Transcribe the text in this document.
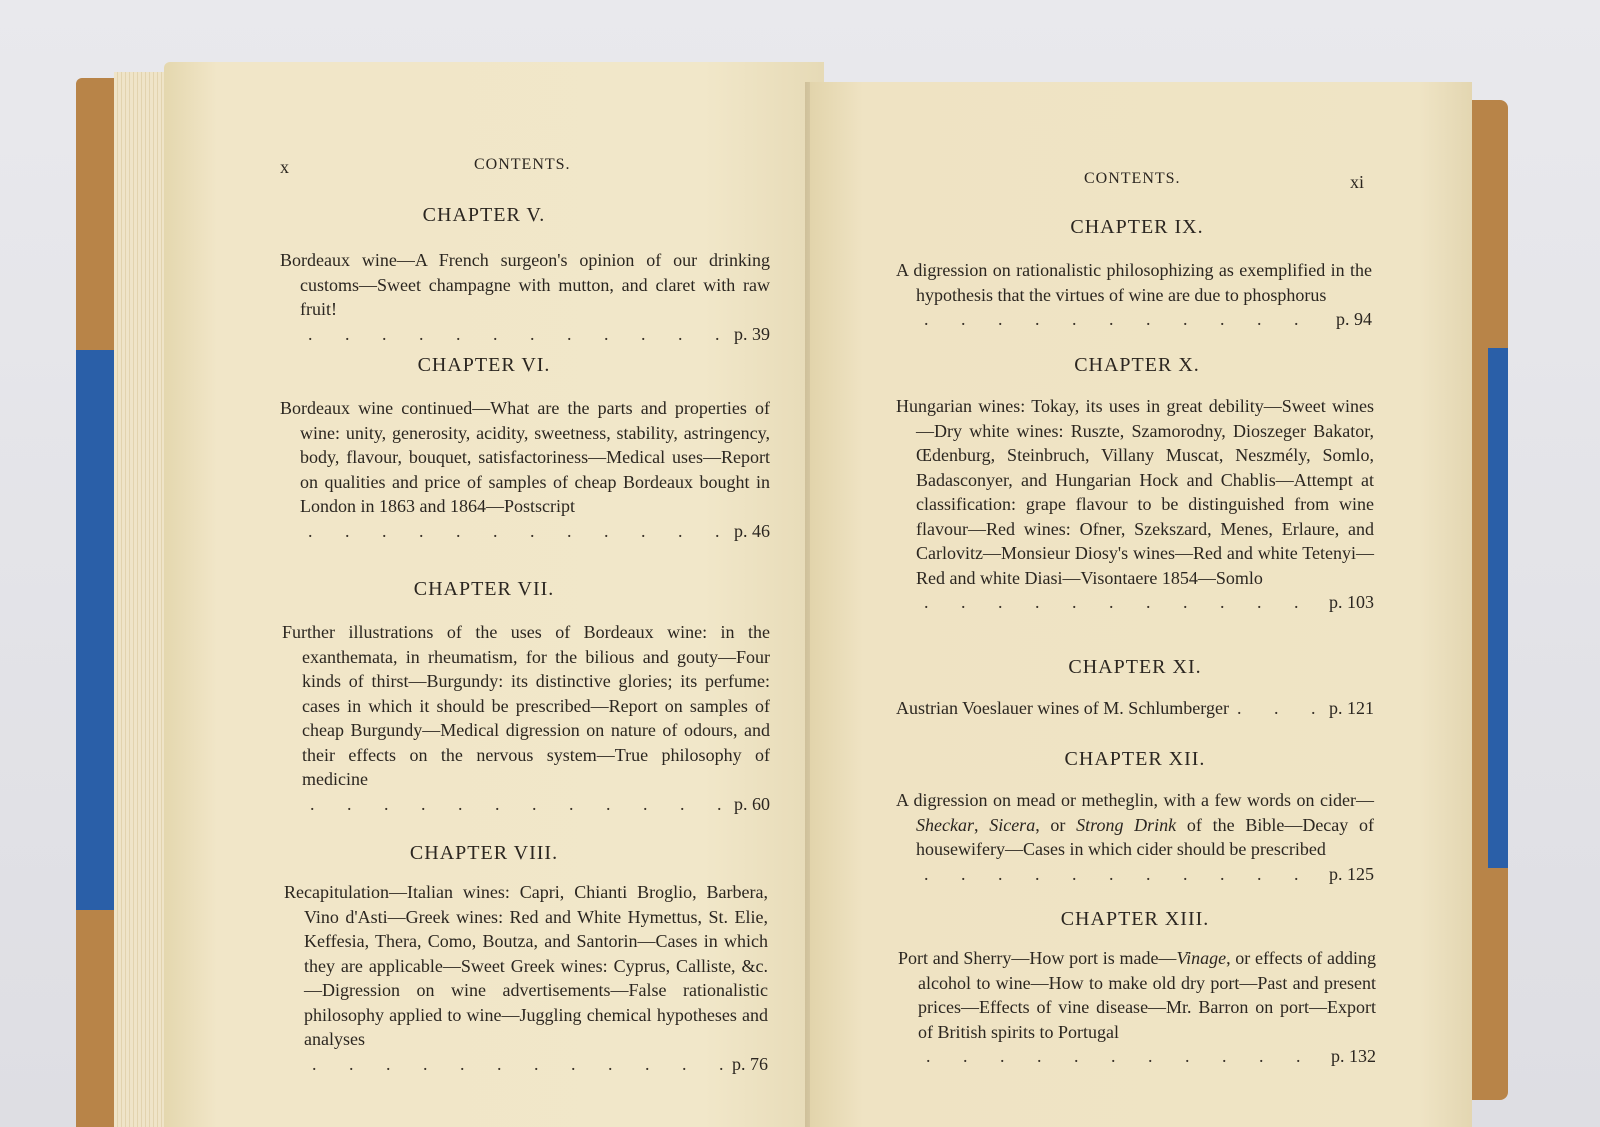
x	CONTENTS.
CHAPTER V.

Bordeaux wine—A French surgeon's opinion of our drinking customs—Sweet champagne with mutton, and claret with raw fruit!

. . .
p. 39
CHAPTER VI.

Bordeaux wine continued—What are the parts and properties of wine: unity, generosity, acidity, sweetness, stability, astringency, body, flavour, bouquet, satisfactoriness—Medical uses—Report on qualities and price of samples of cheap Bordeaux bought in London in 1863 and 1864—Postscript

. . .
p. 46
CHAPTER VII.

Further illustrations of the uses of Bordeaux wine: in the exanthemata, in rheumatism, for the bilious and gouty—Four kinds of thirst—Burgundy: its distinctive glories; its perfume: cases in which it should be prescribed—Report on samples of cheap Burgundy—Medical digression on nature of odours, and their effects on the nervous system—True philosophy of medicine

. . .
p. 60
CHAPTER VIII.

Recapitulation—Italian wines: Capri, Chianti Broglio, Barbera, Vino d'Asti—Greek wines: Red and White Hymettus, St. Elie, Keffesia, Thera, Como, Boutza, and Santorin—Cases in which they are applicable—Sweet Greek wines: Cyprus, Calliste, &c.—Digression on wine advertisements—False rationalistic philosophy applied to wine—Juggling chemical hypotheses and analyses

. . .
p. 76
CONTENTS.	xi
CHAPTER IX.

A digression on rationalistic philosophizing as exemplified in the hypothesis that the virtues of wine are due to phosphorus

. . .
p. 94
CHAPTER X.

Hungarian wines: Tokay, its uses in great debility—Sweet wines—Dry white wines: Ruszte, Szamorodny, Dioszeger Bakator, Œdenburg, Steinbruch, Villany Muscat, Neszmély, Somlo, Badasconyer, and Hungarian Hock and Chablis—Attempt at classification: grape flavour to be distinguished from wine flavour—Red wines: Ofner, Szekszard, Menes, Erlaure, and Carlovitz—Monsieur Diosy's wines—Red and white Tetenyi—Red and white Diasi—Visontaere 1854—Somlo

. . .
p. 103
CHAPTER XI.
Austrian Voeslauer wines of M. Schlumberger
. . .	p. 121
CHAPTER XII.

A digression on mead or metheglin, with a few words on cider—Sheckar, Sicera, or Strong Drink of the Bible—Decay of housewifery—Cases in which cider should be prescribed

. . .
p. 125
CHAPTER XIII.

Port and Sherry—How port is made—Vinage, or effects of adding alcohol to wine—How to make old dry port—Past and present prices—Effects of vine disease—Mr. Barron on port—Export of British spirits to Portugal

. . .
p. 132
